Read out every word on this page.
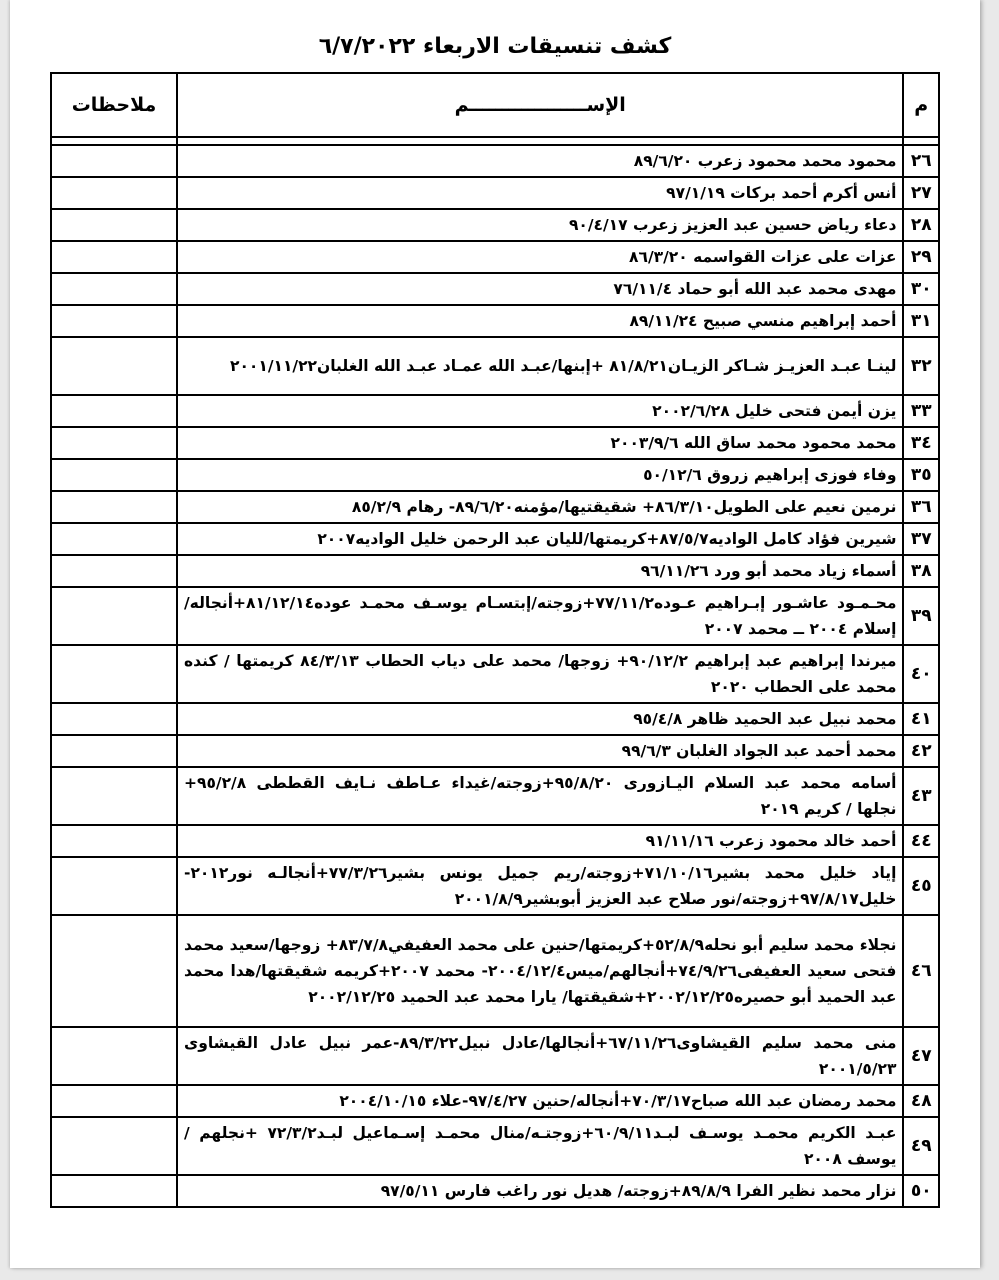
كشف تنسيقات الاربعاء ٦/٧/٢٠٢٢
م	الإســــــــــــــــــم	ملاحظات

٢٦	محمود محمد محمود زعرب ٨٩/٦/٢٠	
٢٧	أنس أكرم أحمد بركات ٩٧/١/١٩	
٢٨	دعاء رياض حسين عبد العزيز زعرب ٩٠/٤/١٧	
٢٩	عزات على عزات القواسمه ٨٦/٣/٢٠	
٣٠	مهدى محمد عبد الله أبو حماد ٧٦/١١/٤	
٣١	أحمد إبراهيم منسي صبيح ٨٩/١١/٢٤	
٣٢	لينـا عبـد العزيـز شـاكر الزيـان٨١/٨/٢١ +إبنها/عبـد الله عمـاد عبـد الله الغلبان٢٠٠١/١١/٢٢	
٣٣	يزن أيمن فتحى خليل ٢٠٠٢/٦/٢٨	
٣٤	محمد محمود محمد ساق الله ٢٠٠٣/٩/٦	
٣٥	وفاء فوزى إبراهيم زروق ٥٠/١٢/٦	
٣٦	نرمين نعيم على الطويل٨٦/٣/١٠+ شقيقتيها/مؤمنه٨٩/٦/٢٠- رهام ٨٥/٢/٩	
٣٧	شيرين فؤاد كامل الواديه٨٧/٥/٧+كريمتها/لليان عبد الرحمن خليل الواديه٢٠٠٧	
٣٨	أسماء زياد محمد أبو ورد ٩٦/١١/٢٦	
٣٩	محـمـود عاشـور إبـراهيم عـوده٧٧/١١/٢+زوجته/إبتسـام يوسـف محمـد عوده٨١/١٢/١٤+أنجاله/ إسلام ٢٠٠٤ ــ محمد ٢٠٠٧	
٤٠	ميرندا إبراهيم عبد إبراهيم ٩٠/١٢/٢+ زوجها/ محمد على دياب الحطاب ٨٤/٣/١٣ كريمتها / كنده محمد على الحطاب ٢٠٢٠	
٤١	محمد نبيل عبد الحميد ظاهر ٩٥/٤/٨	
٤٢	محمد أحمد عبد الجواد الغلبان ٩٩/٦/٣	
٤٣	أسامه محمد عبد السلام اليـازورى ٩٥/٨/٢٠+زوجته/غيداء عـاطف نـايف القططى ٩٥/٢/٨+ نجلها / كريم ٢٠١٩	
٤٤	أحمد خالد محمود زعرب ٩١/١١/١٦	
٤٥	إياد خليل محمد بشير٧١/١٠/١٦+زوجته/ريم جميل يونس بشير٧٧/٣/٢٦+أنجالـه نور٢٠١٢- خليل٩٧/٨/١٧+زوجته/نور صلاح عبد العزيز أبوبشير٢٠٠١/٨/٩	
٤٦	نجلاء محمد سليم أبو نحله٥٢/٨/٩+كريمتها/حنين على محمد العفيفي٨٣/٧/٨+ زوجها/سعيد محمد فتحى سعيد العفيفى٧٤/٩/٢٦+أنجالهم/ميس٢٠٠٤/١٢/٤- محمد ٢٠٠٧+كريمه شقيقتها/هدا محمد عبد الحميد أبو حصيره٢٠٠٢/١٢/٢٥+شقيقتها/ يارا محمد عبد الحميد ٢٠٠٢/١٢/٢٥	
٤٧	منى محمد سليم القيشاوى٦٧/١١/٢٦+أنجالها/عادل نبيل٨٩/٣/٢٢-عمر نبيل عادل القيشاوى ٢٠٠١/٥/٢٣	
٤٨	محمد رمضان عبد الله صباح٧٠/٣/١٧+أنجاله/حنين ٩٧/٤/٢٧-علاء ٢٠٠٤/١٠/١٥	
٤٩	عبـد الكريم محمـد يوسـف لبـد٦٠/٩/١١+زوجتـه/منال محمـد إسـماعيل لبـد٧٢/٣/٢ +نجلهم / يوسف ٢٠٠٨	
٥٠	نزار محمد نظير الفرا ٨٩/٨/٩+زوجته/ هديل نور راغب فارس ٩٧/٥/١١	
